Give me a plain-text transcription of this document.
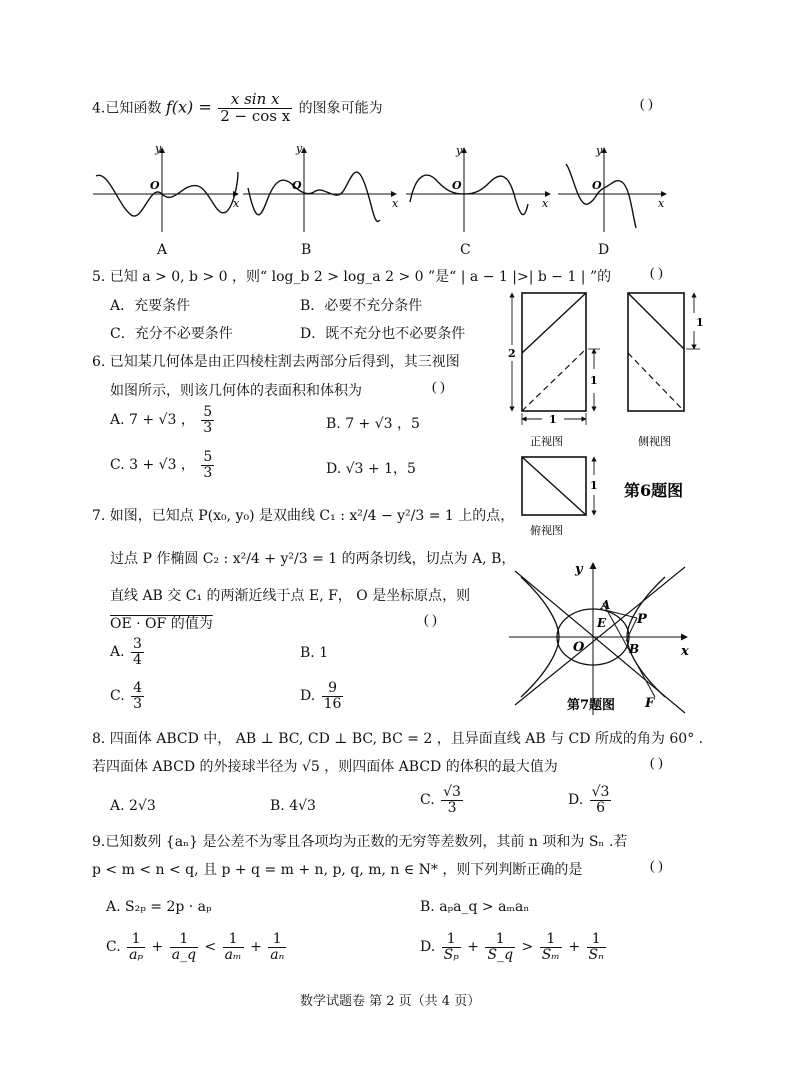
4.已知函数 $f(x) = \frac{\text{x sin x}}{\text{2 − cos x}}$ 的图象可能为	( )
y
x
O
y
x
O
y
x
O
y
x
O
A	B	C	D
5. 已知 a > 0, b > 0 ，则“ log_b 2 > log_a 2 > 0 ”是“ | a − 1 |>| b − 1 | ”的	( )
A．充要条件	B．必要不充分条件
C．充分不必要条件	D．既不充分也不必要条件
6. 已知某几何体是由正四棱柱割去两部分后得到，其三视图
如图所示，则该几何体的表面积和体积为	( )
A. 7 + √3 ， $\frac{5}{3}$	B. 7 + √3 ，5
C. 3 + √3 ， $\frac{5}{3}$	D. √3 + 1，5
2
1
1
正视图
1
侧视图
1
俯视图
第6题图
7. 如图，已知点 P(x₀, y₀) 是双曲线 C₁ : x²/4 − y²/3 = 1 上的点，
过点 P 作椭圆 C₂ : x²/4 + y²/3 = 1 的两条切线，切点为 A, B，
直线 AB 交 C₁ 的两渐近线于点 E, F， O 是坐标原点，则
OE · OF 的值为	( )
A. $\frac{3}{4}$	B. 1
C. $\frac{4}{3}$	D. $\frac{9}{16}$
y
x
O
A
E P
B
F
第7题图
8. 四面体 ABCD 中， AB ⊥ BC, CD ⊥ BC, BC = 2 ，且异面直线 AB 与 CD 所成的角为 60° .
若四面体 ABCD 的外接球半径为 √5 ，则四面体 ABCD 的体积的最大值为	( )
A. 2√3	B. 4√3	C. $\frac{√3}{3}$	D. $\frac{√3}{6}$
9.已知数列 {aₙ} 是公差不为零且各项均为正数的无穷等差数列，其前 n 项和为 Sₙ .若
p < m < n < q, 且 p + q = m + n, p, q, m, n ∈ N* ，则下列判断正确的是	( )
A. S₂ₚ = 2p · aₚ	B. aₚa_q > aₘaₙ
C. $\frac{1}{\text{aₚ}} + \frac{1}{a\_q} < \frac{1}{\text{aₘ}} + \frac{1}{\text{aₙ}}$	D. $\frac{1}{\text{Sₚ}} + \frac{1}{S\_q} > \frac{1}{\text{Sₘ}} + \frac{1}{\text{Sₙ}}$
数学试题卷 第 2 页（共 4 页）
